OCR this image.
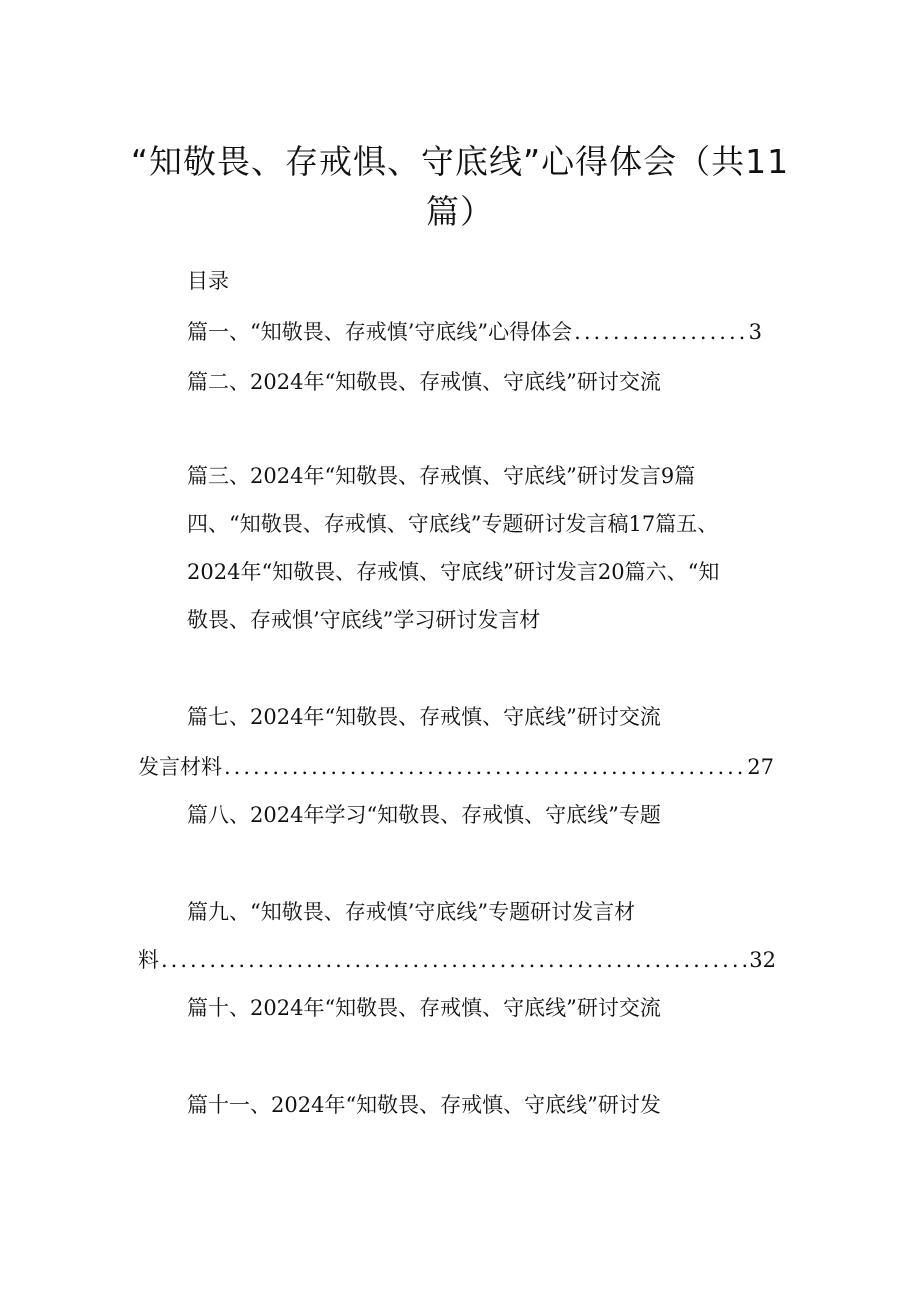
“知敬畏、存戒惧、守底线”心得体会（共11
篇）
目录
篇一、“知敬畏、存戒慎’守底线”心得体会 .....	3
篇二、2024年“知敬畏、存戒慎、守底线”研讨交流
篇三、2024年“知敬畏、存戒慎、守底线”研讨发言9篇
四、“知敬畏、存戒慎、守底线”专题研讨发言稿17篇五、
2024年“知敬畏、存戒慎、守底线”研讨发言20篇六、“知
敬畏、存戒惧’守底线”学习研讨发言材
篇七、2024年“知敬畏、存戒慎、守底线”研讨交流
发言材料 .....	27
篇八、2024年学习“知敬畏、存戒慎、守底线”专题
篇九、“知敬畏、存戒慎’守底线”专题研讨发言材
料 .....	32
篇十、2024年“知敬畏、存戒慎、守底线”研讨交流
篇十一、2024年“知敬畏、存戒慎、守底线”研讨发
